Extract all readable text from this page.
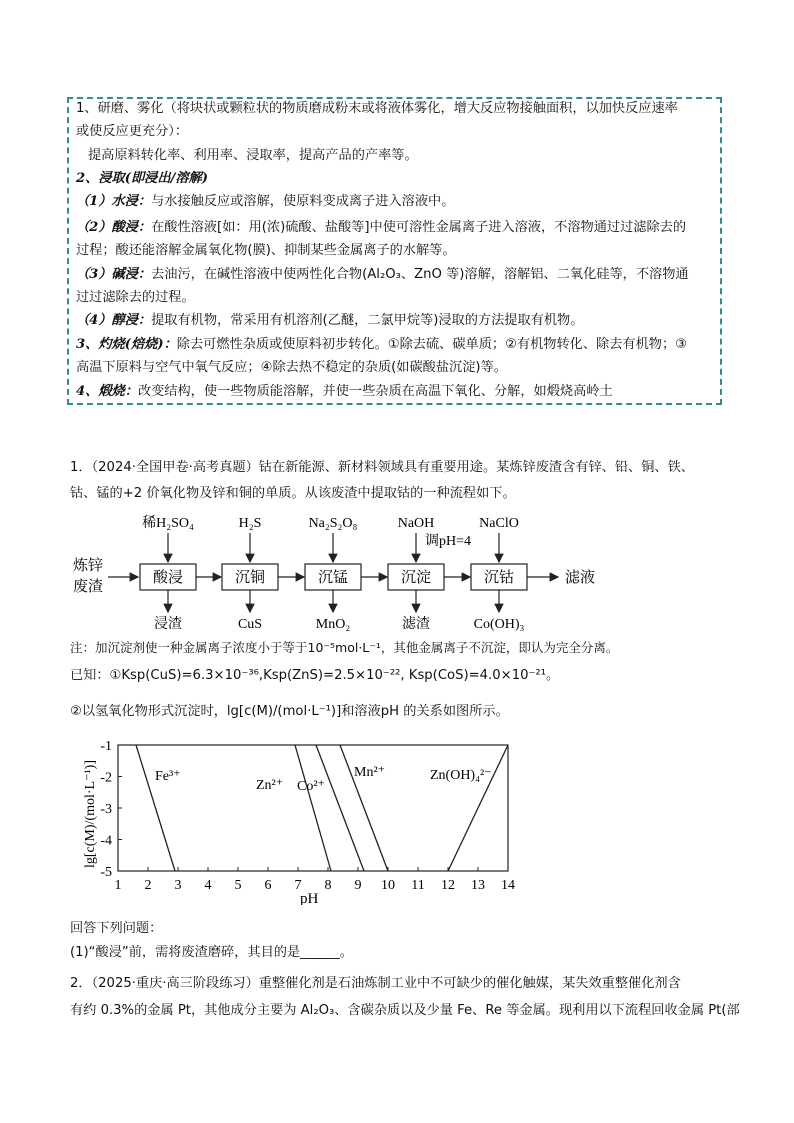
1、研磨、雾化（将块状或颗粒状的物质磨成粉末或将液体雾化，增大反应物接触面积，以加快反应速率
或使反应更充分）：
提高原料转化率、利用率、浸取率，提高产品的产率等。
2、浸取(即浸出/溶解)
（1）水浸：与水接触反应或溶解，使原料变成离子进入溶液中。
（2）酸浸：在酸性溶液[如：用(浓)硫酸、盐酸等]中使可溶性金属离子进入溶液，不溶物通过过滤除去的
过程；酸还能溶解金属氧化物(膜)、抑制某些金属离子的水解等。
（3）碱浸：去油污，在碱性溶液中使两性化合物(Al₂O₃、ZnO 等)溶解，溶解铝、二氧化硅等，不溶物通
过过滤除去的过程。
（4）醇浸：提取有机物，常采用有机溶剂(乙醚，二氯甲烷等)浸取的方法提取有机物。
3、灼烧(焙烧)：除去可燃性杂质或使原料初步转化。①除去硫、碳单质；②有机物转化、除去有机物；③
高温下原料与空气中氧气反应；④除去热不稳定的杂质(如碳酸盐沉淀)等。
4、煅烧：改变结构，使一些物质能溶解，并使一些杂质在高温下氧化、分解，如煅烧高岭土
1．（2024·全国甲卷·高考真题）钴在新能源、新材料领域具有重要用途。某炼锌废渣含有锌、铅、铜、铁、
钴、锰的+2 价氧化物及锌和铜的单质。从该废渣中提取钴的一种流程如下。
炼锌
废渣
酸浸
稀H₂SO₄
浸渣
沉铜
H₂S
CuS
沉锰
Na₂S₂O₈
MnO₂
沉淀
NaOH
滤渣
沉钴
NaClO
Co(OH)₃
调pH=4
滤液
注：加沉淀剂使一种金属离子浓度小于等于10⁻⁵mol·L⁻¹，其他金属离子不沉淀，即认为完全分离。
已知：①Ksp(CuS)=6.3×10⁻³⁶,Ksp(ZnS)=2.5×10⁻²², Ksp(CoS)=4.0×10⁻²¹。
②以氢氧化物形式沉淀时，lg[c(M)/(mol·L⁻¹)]和溶液pH 的关系如图所示。
1 2 3 4 5 6 7 8 9 10 11 12 13 14
-1
-2
-3
-4
-5
Fe³⁺
Zn²⁺ Co²⁺
Mn²⁺	Zn(OH)₄²⁻
lg[c(M)/(mol·L⁻¹)]
pH
回答下列问题：
(1)“酸浸”前，需将废渣磨碎，其目的是______。
2．（2025·重庆·高三阶段练习）重整催化剂是石油炼制工业中不可缺少的催化触媒，某失效重整催化剂含
有约 0.3%的金属 Pt，其他成分主要为 Al₂O₃、含碳杂质以及少量 Fe、Re 等金属。现利用以下流程回收金属 Pt(部
